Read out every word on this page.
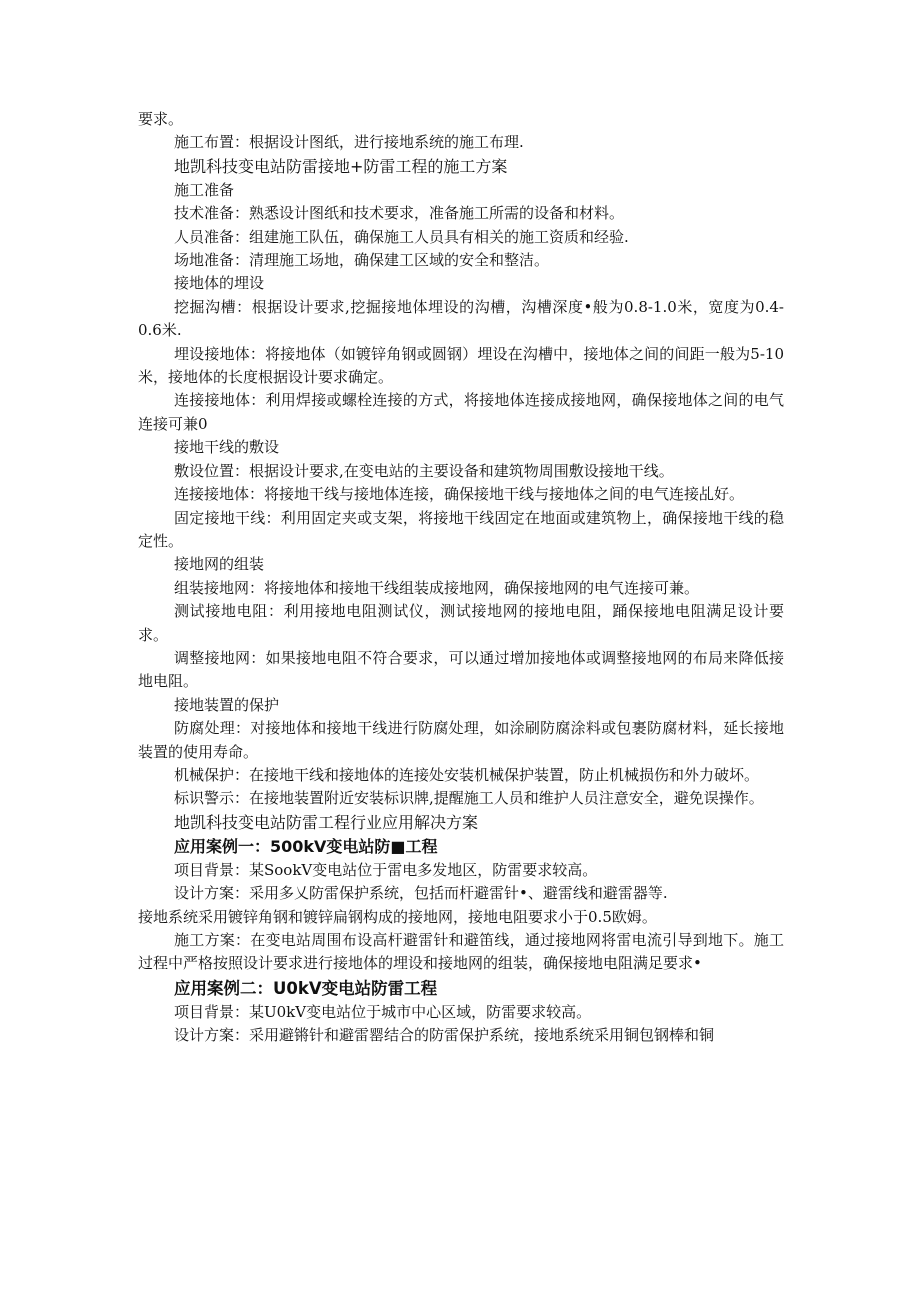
要求。

施工布置：根据设计图纸，进行接地系统的施工布理.

地凯科技变电站防雷接地+防雷工程的施工方案

施工准备

技术准备：熟悉设计图纸和技术要求，准备施工所需的设备和材料。

人员准备：组建施工队伍，确保施工人员具有相关的施工资质和经验.

场地准备：清理施工场地，确保建工区域的安全和整洁。

接地体的埋设

挖掘沟槽：根据设计要求,挖掘接地体埋设的沟槽，沟槽深度•般为0.8-1.0米，宽度为0.4-0.6米.

埋设接地体：将接地体（如镀锌角钢或圆钢）埋设在沟槽中，接地体之间的间距一般为5-10米，接地体的长度根据设计要求确定。

连接接地体：利用焊接或螺栓连接的方式，将接地体连接成接地网，确保接地体之间的电气连接可兼0

接地干线的敷设

敷设位置：根据设计要求,在变电站的主要设备和建筑物周围敷设接地干线。

连接接地体：将接地干线与接地体连接，确保接地干线与接地体之间的电气连接乩好。

固定接地干线：利用固定夹或支架，将接地干线固定在地面或建筑物上，确保接地干线的稳定性。

接地网的组装

组装接地网：将接地体和接地干线组装成接地网，确保接地网的电气连接可兼。

测试接地电阻：利用接地电阻测试仪，测试接地网的接地电阻，踊保接地电阻满足设计要求。

调整接地网：如果接地电阻不符合要求，可以通过增加接地体或调整接地网的布局来降低接地电阻。

接地装置的保护

防腐处理：对接地体和接地干线进行防腐处理，如涂刷防腐涂料或包裹防腐材料，延长接地装置的使用寿命。

机械保护：在接地干线和接地体的连接处安装机械保护装置，防止机械损伤和外力破坏。

标识警示：在接地装置附近安装标识牌,提醒施工人员和维护人员注意安全，避免误操作。

地凯科技变电站防雷工程行业应用解决方案

应用案例一：500kV变电站防■工程

项目背景：某SookV变电站位于雷电多发地区，防雷要求较高。

设计方案：采用多乂防雷保护系统，包括而杆避雷针•、避雷线和避雷器等.

接地系统采用镀锌角钢和镀锌扁钢构成的接地网，接地电阻要求小于0.5欧姆。

施工方案：在变电站周围布设高杆避雷针和避笛线，通过接地网将雷电流引导到地下。施工过程中严格按照设计要求进行接地体的埋设和接地网的组装，确保接地电阻满足要求•

应用案例二：U0kV变电站防雷工程

项目背景：某U0kV变电站位于城市中心区域，防雷要求较高。

设计方案：采用避锵针和避雷罂结合的防雷保护系统，接地系统采用铜包钢棒和铜
